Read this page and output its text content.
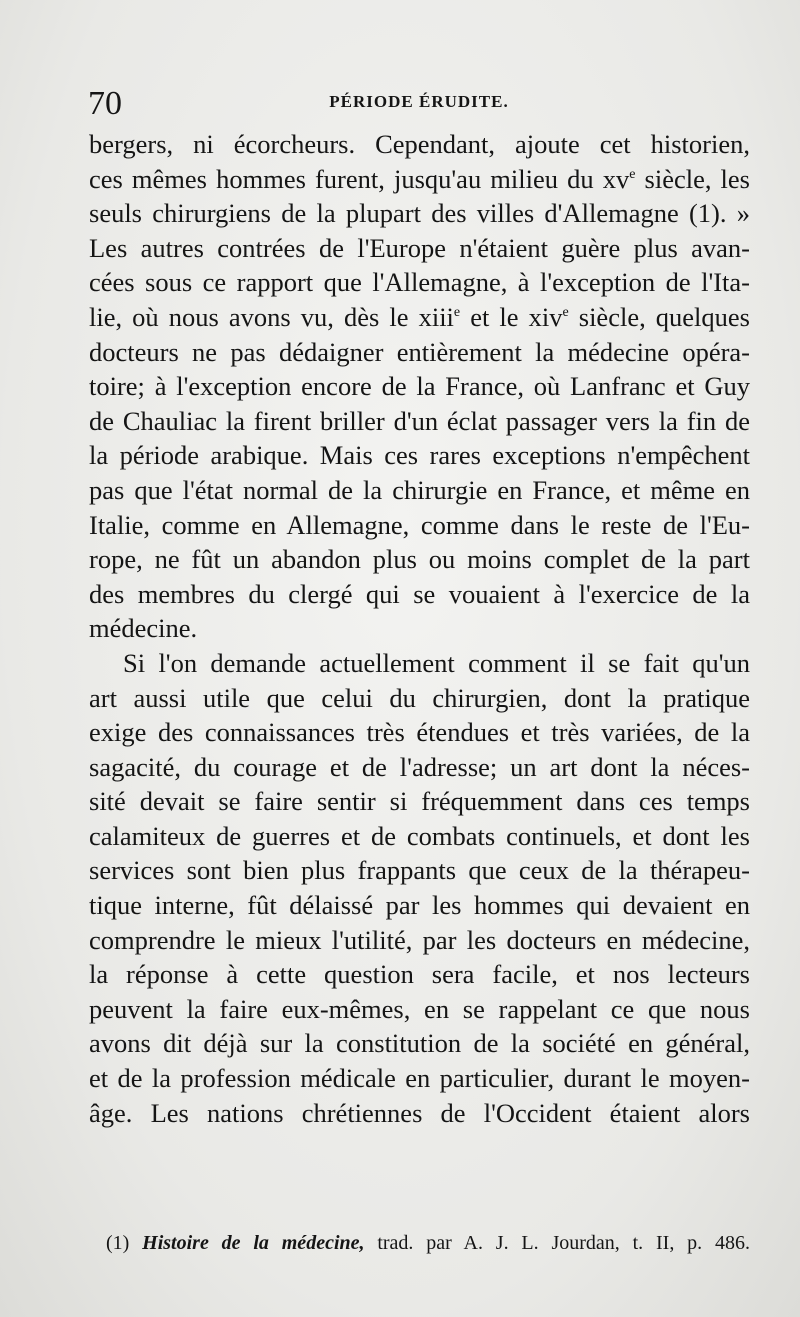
70	PÉRIODE ÉRUDITE.
bergers, ni écorcheurs. Cependant, ajoute cet historien,
ces mêmes hommes furent, jusqu'au milieu du $xv^e$ siècle, les
seuls chirurgiens de la plupart des villes d'Allemagne (1). »
Les autres contrées de l'Europe n'étaient guère plus avan-
cées sous ce rapport que l'Allemagne, à l'exception de l'Ita-
lie, où nous avons vu, dès le xiii$^e$ et le xiv$^e$ siècle, quelques
docteurs ne pas dédaigner entièrement la médecine opéra-
toire; à l'exception encore de la France, où Lanfranc et Guy
de Chauliac la firent briller d'un éclat passager vers la fin de
la période arabique. Mais ces rares exceptions n'empêchent
pas que l'état normal de la chirurgie en France, et même en
Italie, comme en Allemagne, comme dans le reste de l'Eu-
rope, ne fût un abandon plus ou moins complet de la part
des membres du clergé qui se vouaient à l'exercice de la
médecine.
Si l'on demande actuellement comment il se fait qu'un
art aussi utile que celui du chirurgien, dont la pratique
exige des connaissances très étendues et très variées, de la
sagacité, du courage et de l'adresse; un art dont la néces-
sité devait se faire sentir si fréquemment dans ces temps
calamiteux de guerres et de combats continuels, et dont les
services sont bien plus frappants que ceux de la thérapeu-
tique interne, fût délaissé par les hommes qui devaient en
comprendre le mieux l'utilité, par les docteurs en médecine,
la réponse à cette question sera facile, et nos lecteurs
peuvent la faire eux-mêmes, en se rappelant ce que nous
avons dit déjà sur la constitution de la société en général,
et de la profession médicale en particulier, durant le moyen-
âge. Les nations chrétiennes de l'Occident étaient alors
(1) Histoire de la médecine, trad. par A. J. L. Jourdan, t. II, p. 486.
